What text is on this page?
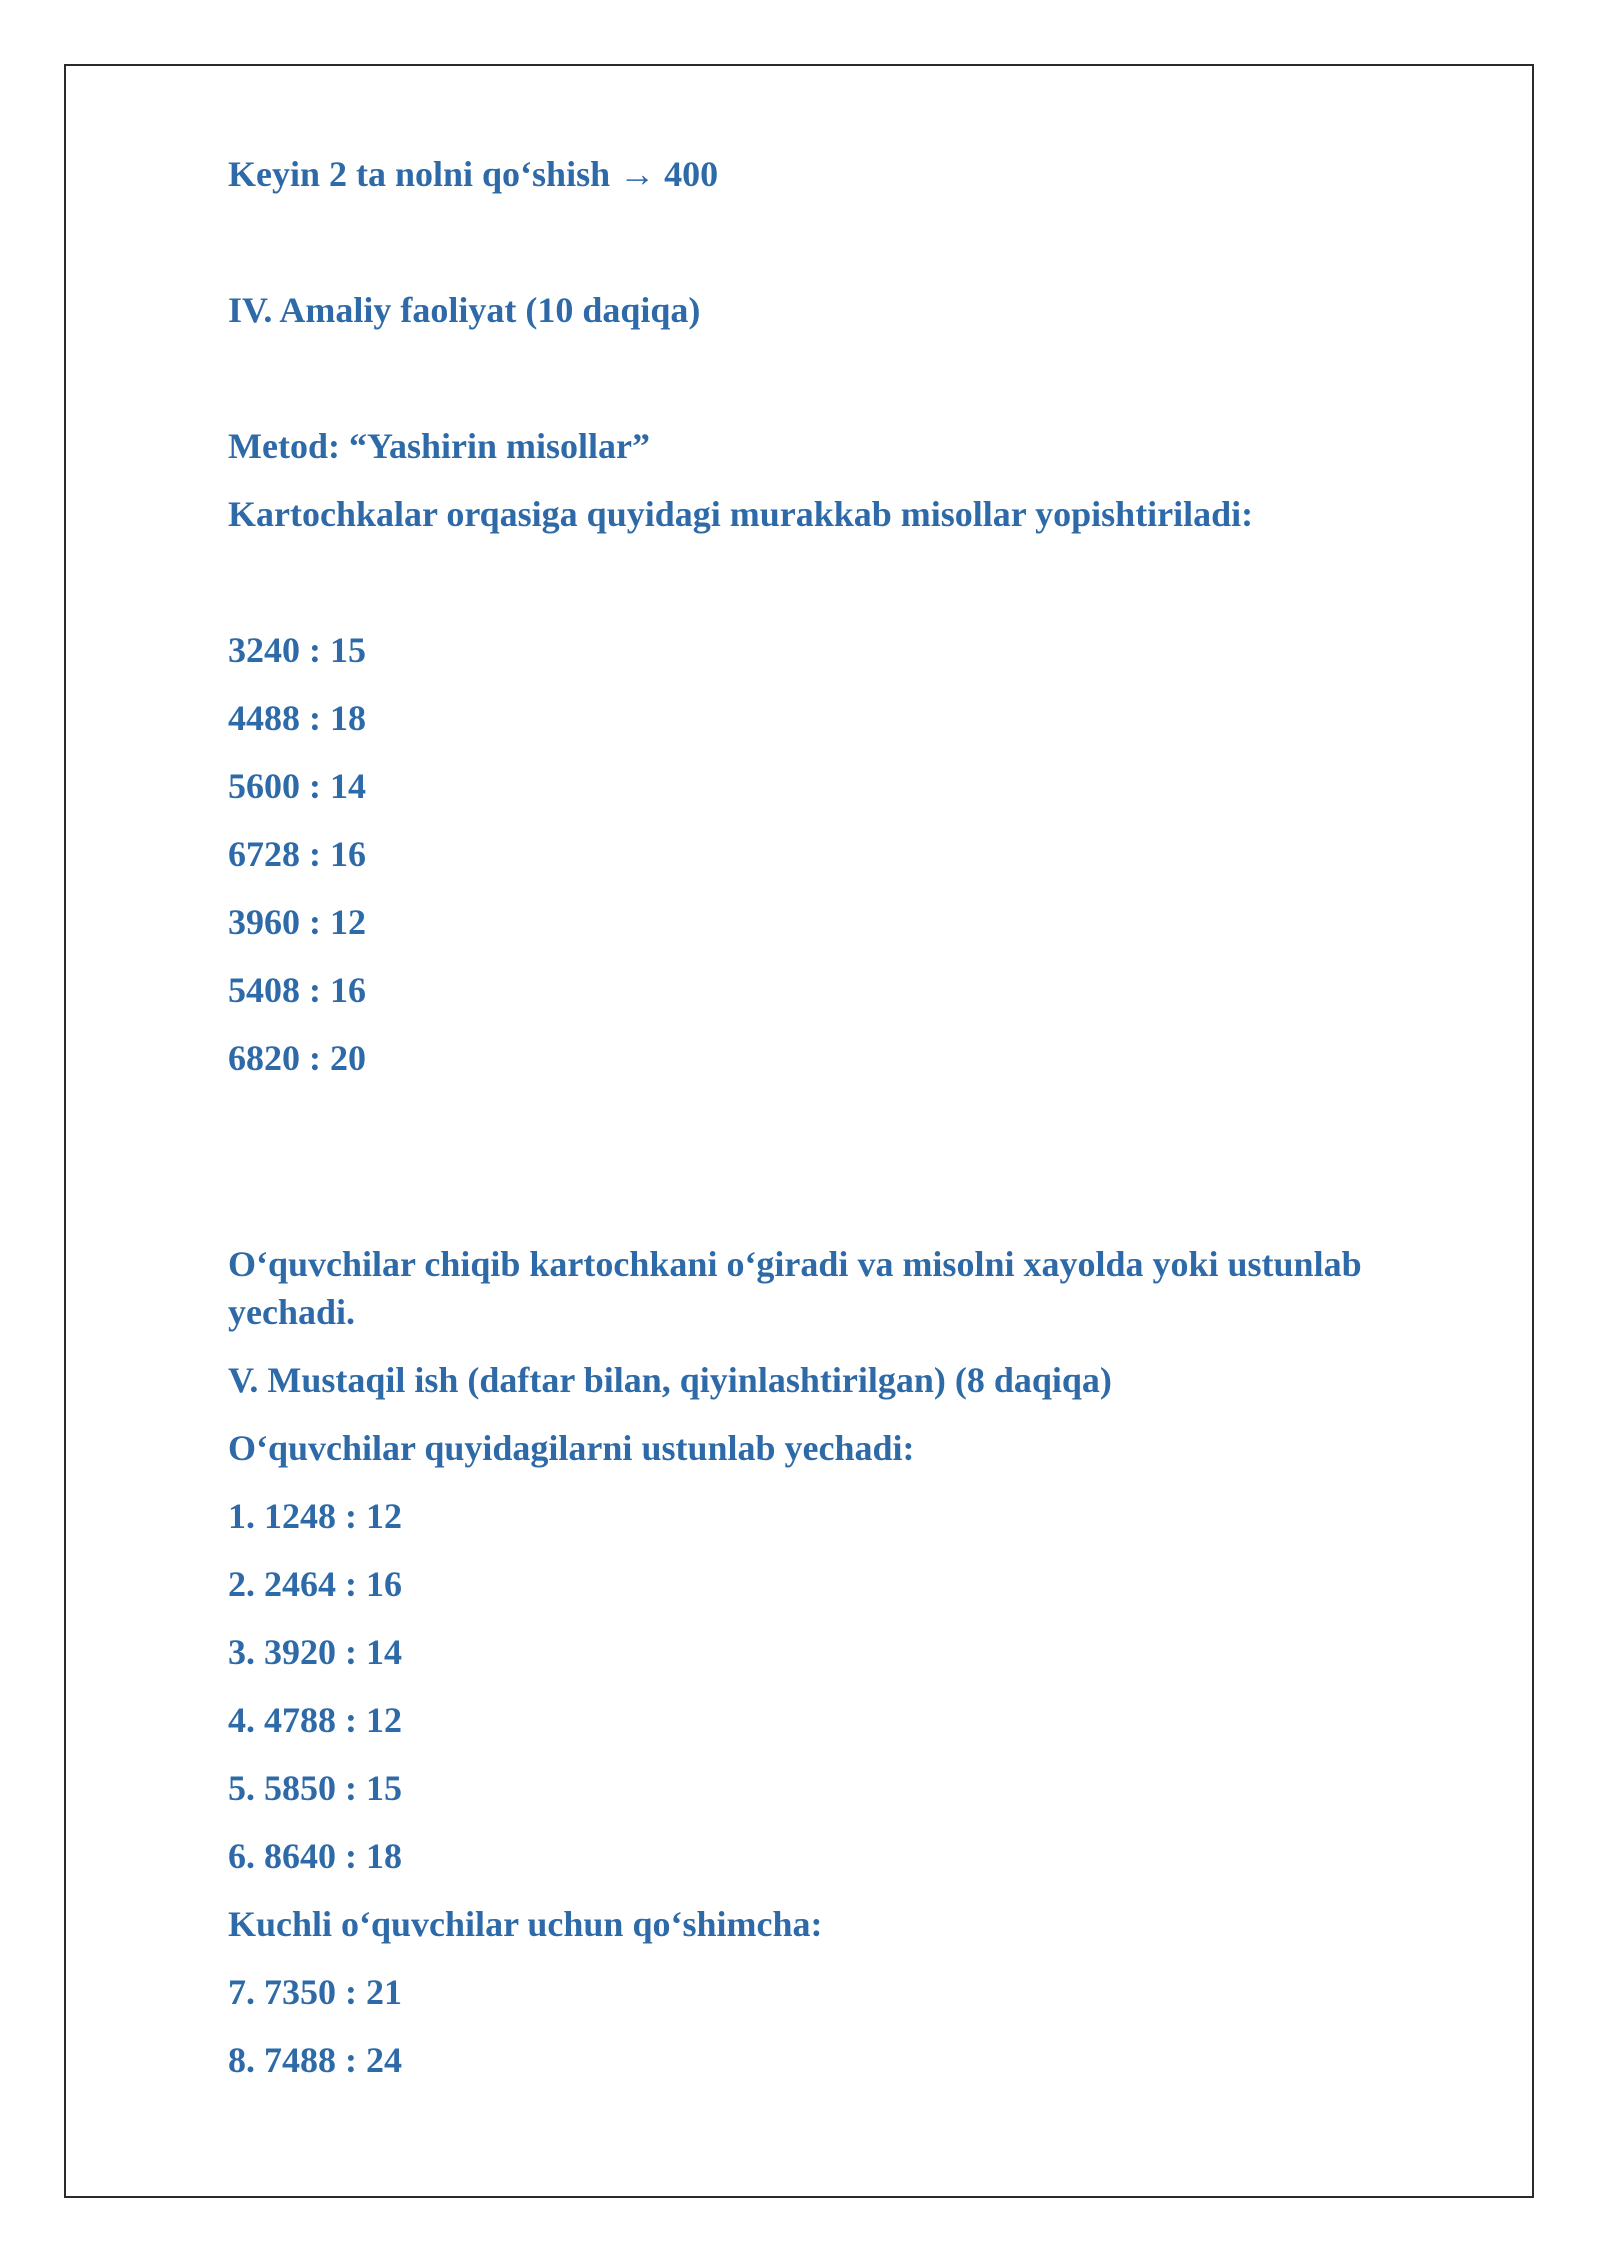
Keyin 2 ta nolni qo‘shish → 400
IV. Amaliy faoliyat (10 daqiqa)
Metod: “Yashirin misollar”
Kartochkalar orqasiga quyidagi murakkab misollar yopishtiriladi:
3240 : 15
4488 : 18
5600 : 14
6728 : 16
3960 : 12
5408 : 16
6820 : 20
O‘quvchilar chiqib kartochkani o‘giradi va misolni xayolda yoki ustunlab yechadi.
V. Mustaqil ish (daftar bilan, qiyinlashtirilgan) (8 daqiqa)
O‘quvchilar quyidagilarni ustunlab yechadi:
1. 1248 : 12
2. 2464 : 16
3. 3920 : 14
4. 4788 : 12
5. 5850 : 15
6. 8640 : 18
Kuchli o‘quvchilar uchun qo‘shimcha:
7. 7350 : 21
8. 7488 : 24
